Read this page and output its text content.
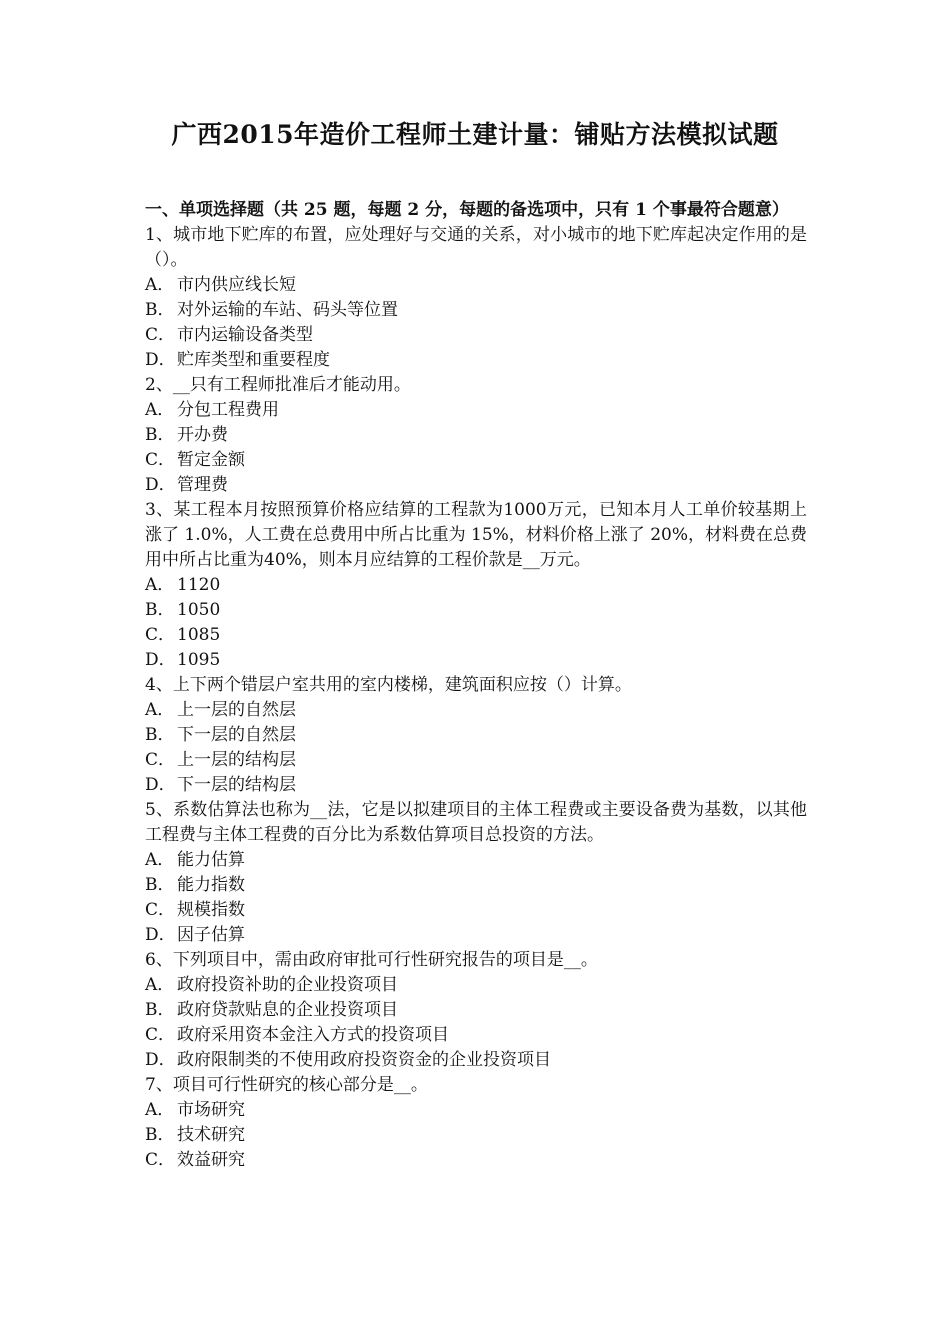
广西2015年造价工程师土建计量：铺贴方法模拟试题

一、单项选择题（共 25 题，每题 2 分，每题的备选项中，只有 1 个事最符合题意）

1、城市地下贮库的布置，应处理好与交通的关系，对小城市的地下贮库起决定作用的是（）。

A． 市内供应线长短

B． 对外运输的车站、码头等位置

C． 市内运输设备类型

D．贮库类型和重要程度

2、__只有工程师批准后才能动用。

A． 分包工程费用

B． 开办费

C． 暂定金额

D．管理费

3、某工程本月按照预算价格应结算的工程款为1000万元，已知本月人工单价较基期上涨了 1.0%，人工费在总费用中所占比重为 15%，材料价格上涨了 20%，材料费在总费用中所占比重为40%，则本月应结算的工程价款是__万元。

A． 1120

B． 1050

C． 1085

D．1095

4、上下两个错层户室共用的室内楼梯，建筑面积应按（）计算。

A． 上一层的自然层

B． 下一层的自然层

C． 上一层的结构层

D．下一层的结构层

5、系数估算法也称为__法，它是以拟建项目的主体工程费或主要设备费为基数，以其他工程费与主体工程费的百分比为系数估算项目总投资的方法。

A． 能力估算

B． 能力指数

C． 规模指数

D．因子估算

6、下列项目中，需由政府审批可行性研究报告的项目是__。

A． 政府投资补助的企业投资项目

B． 政府贷款贴息的企业投资项目

C． 政府采用资本金注入方式的投资项目

D．政府限制类的不使用政府投资资金的企业投资项目

7、项目可行性研究的核心部分是__。

A． 市场研究

B． 技术研究

C． 效益研究
